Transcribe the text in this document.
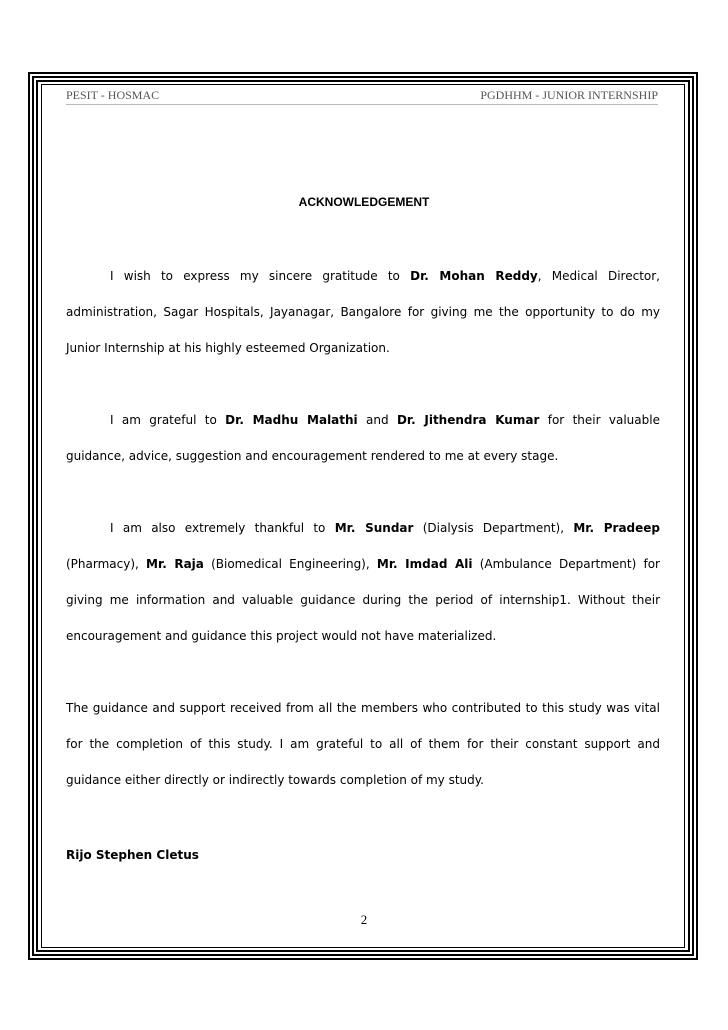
PESIT - HOSMAC	PGDHHM - JUNIOR INTERNSHIP
ACKNOWLEDGEMENT

I wish to express my sincere gratitude to Dr. Mohan Reddy, Medical Director, administration, Sagar Hospitals, Jayanagar, Bangalore for giving me the opportunity to do my Junior Internship at his highly esteemed Organization.

I am grateful to Dr. Madhu Malathi and Dr. Jithendra Kumar for their valuable guidance, advice, suggestion and encouragement rendered to me at every stage.

I am also extremely thankful to Mr. Sundar (Dialysis Department), Mr. Pradeep (Pharmacy), Mr. Raja (Biomedical Engineering), Mr. Imdad Ali (Ambulance Department) for giving me information and valuable guidance during the period of internship1. Without their encouragement and guidance this project would not have materialized.

The guidance and support received from all the members who contributed to this study was vital for the completion of this study. I am grateful to all of them for their constant support and guidance either directly or indirectly towards completion of my study.

Rijo Stephen Cletus
2
